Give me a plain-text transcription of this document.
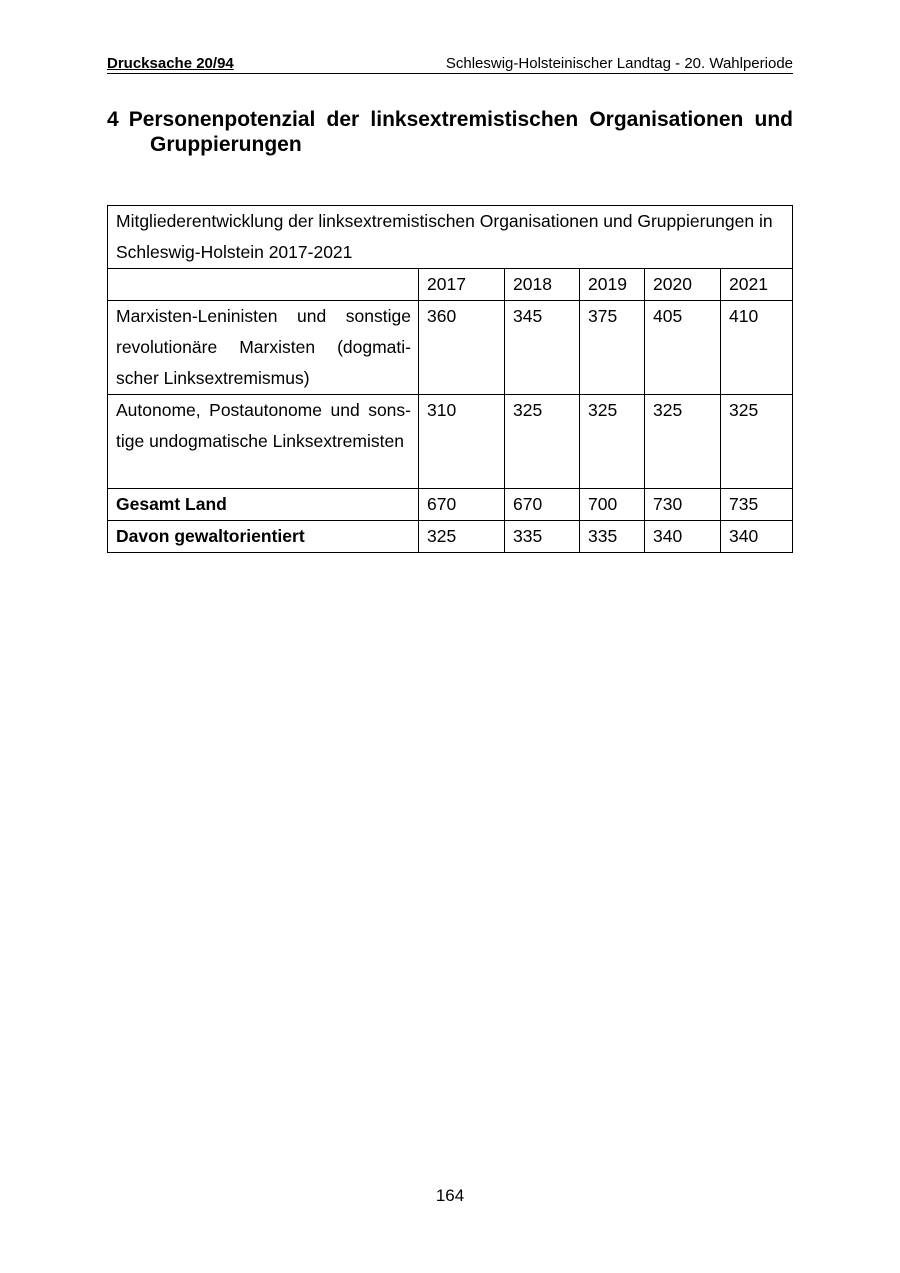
Drucksache 20/94	Schleswig-Holsteinischer Landtag - 20. Wahlperiode
4 Personenpotenzial der linksextremistischen Organisationen und
Gruppierungen
Mitgliederentwicklung der linksextremistischen Organisationen und Gruppierungen in Schleswig-Holstein 2017-2021					
	2017	2018	2019	2020	2021
Marxisten-Leninisten und sonstige revolutionäre Marxisten (dogmatischer Linksextremismus)	360	345	375	405	410
Autonome, Postautonome und sonstige undogmatische Linksextremisten	310	325	325	325	325
Gesamt Land	670	670	700	730	735
Davon gewaltorientiert	325	335	335	340	340
164
